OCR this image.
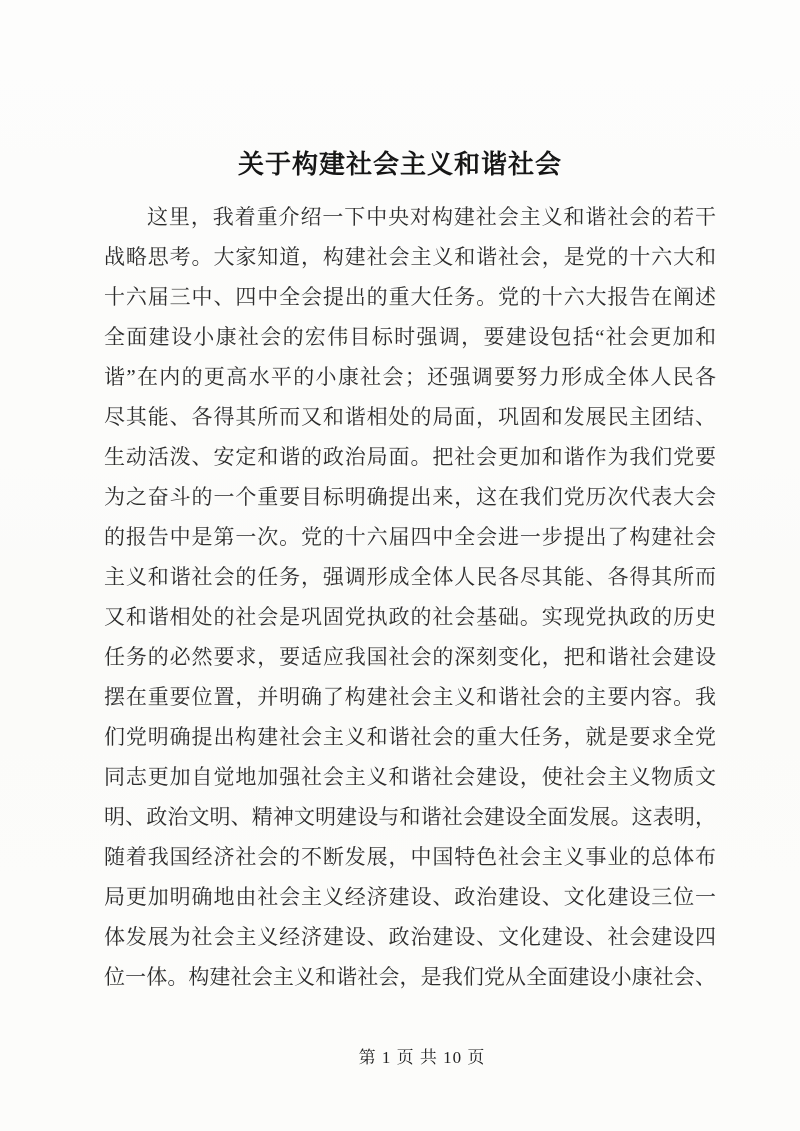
关于构建社会主义和谐社会
这里，我着重介绍一下中央对构建社会主义和谐社会的若干
战略思考。大家知道，构建社会主义和谐社会，是党的十六大和
十六届三中、四中全会提出的重大任务。党的十六大报告在阐述
全面建设小康社会的宏伟目标时强调，要建设包括“社会更加和
谐”在内的更高水平的小康社会；还强调要努力形成全体人民各
尽其能、各得其所而又和谐相处的局面，巩固和发展民主团结、
生动活泼、安定和谐的政治局面。把社会更加和谐作为我们党要
为之奋斗的一个重要目标明确提出来，这在我们党历次代表大会
的报告中是第一次。党的十六届四中全会进一步提出了构建社会
主义和谐社会的任务，强调形成全体人民各尽其能、各得其所而
又和谐相处的社会是巩固党执政的社会基础。实现党执政的历史
任务的必然要求，要适应我国社会的深刻变化，把和谐社会建设
摆在重要位置，并明确了构建社会主义和谐社会的主要内容。我
们党明确提出构建社会主义和谐社会的重大任务，就是要求全党
同志更加自觉地加强社会主义和谐社会建设，使社会主义物质文
明、政治文明、精神文明建设与和谐社会建设全面发展。这表明，
随着我国经济社会的不断发展，中国特色社会主义事业的总体布
局更加明确地由社会主义经济建设、政治建设、文化建设三位一
体发展为社会主义经济建设、政治建设、文化建设、社会建设四
位一体。构建社会主义和谐社会，是我们党从全面建设小康社会、
第 1 页 共 10 页
